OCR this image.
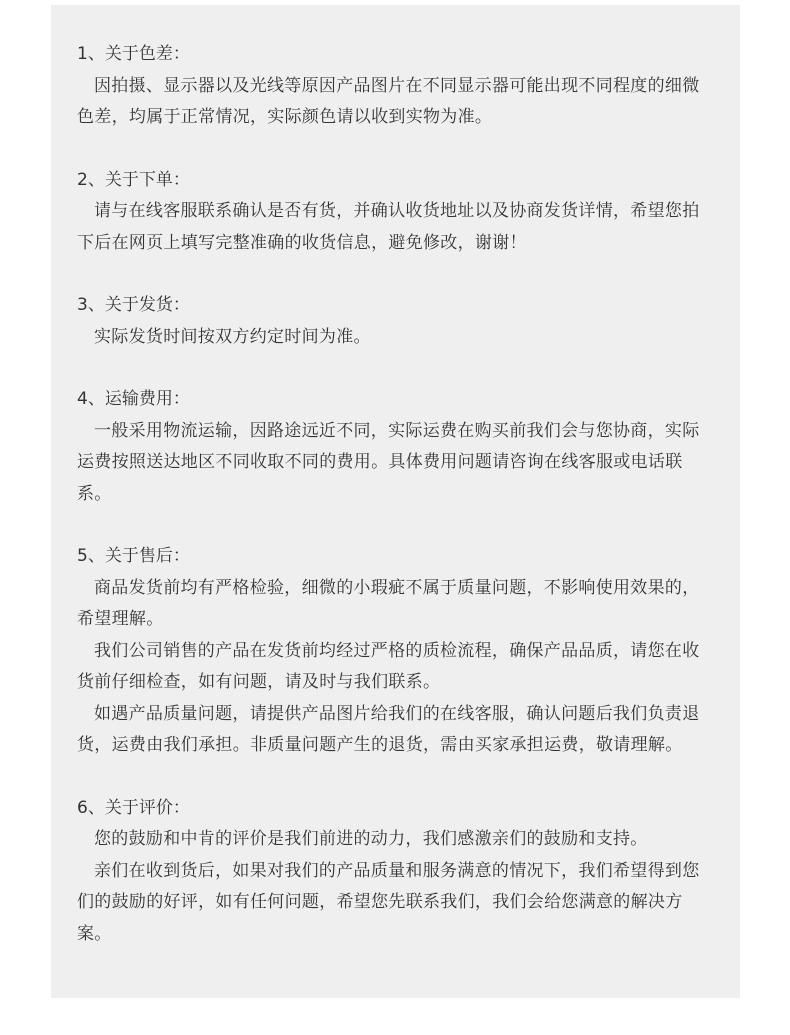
1、关于色差：

因拍摄、显示器以及光线等原因产品图片在不同显示器可能出现不同程度的细微色差，均属于正常情况，实际颜色请以收到实物为准。

2、关于下单：

请与在线客服联系确认是否有货，并确认收货地址以及协商发货详情，希望您拍下后在网页上填写完整准确的收货信息，避免修改，谢谢！

3、关于发货：

实际发货时间按双方约定时间为准。

4、运输费用：

一般采用物流运输，因路途远近不同，实际运费在购买前我们会与您协商，实际运费按照送达地区不同收取不同的费用。具体费用问题请咨询在线客服或电话联系。

5、关于售后：

商品发货前均有严格检验，细微的小瑕疵不属于质量问题，不影响使用效果的，希望理解。

我们公司销售的产品在发货前均经过严格的质检流程，确保产品品质，请您在收货前仔细检查，如有问题，请及时与我们联系。

如遇产品质量问题，请提供产品图片给我们的在线客服，确认问题后我们负责退货，运费由我们承担。非质量问题产生的退货，需由买家承担运费，敬请理解。

6、关于评价：

您的鼓励和中肯的评价是我们前进的动力，我们感激亲们的鼓励和支持。

亲们在收到货后，如果对我们的产品质量和服务满意的情况下，我们希望得到您们的鼓励的好评，如有任何问题，希望您先联系我们，我们会给您满意的解决方案。
